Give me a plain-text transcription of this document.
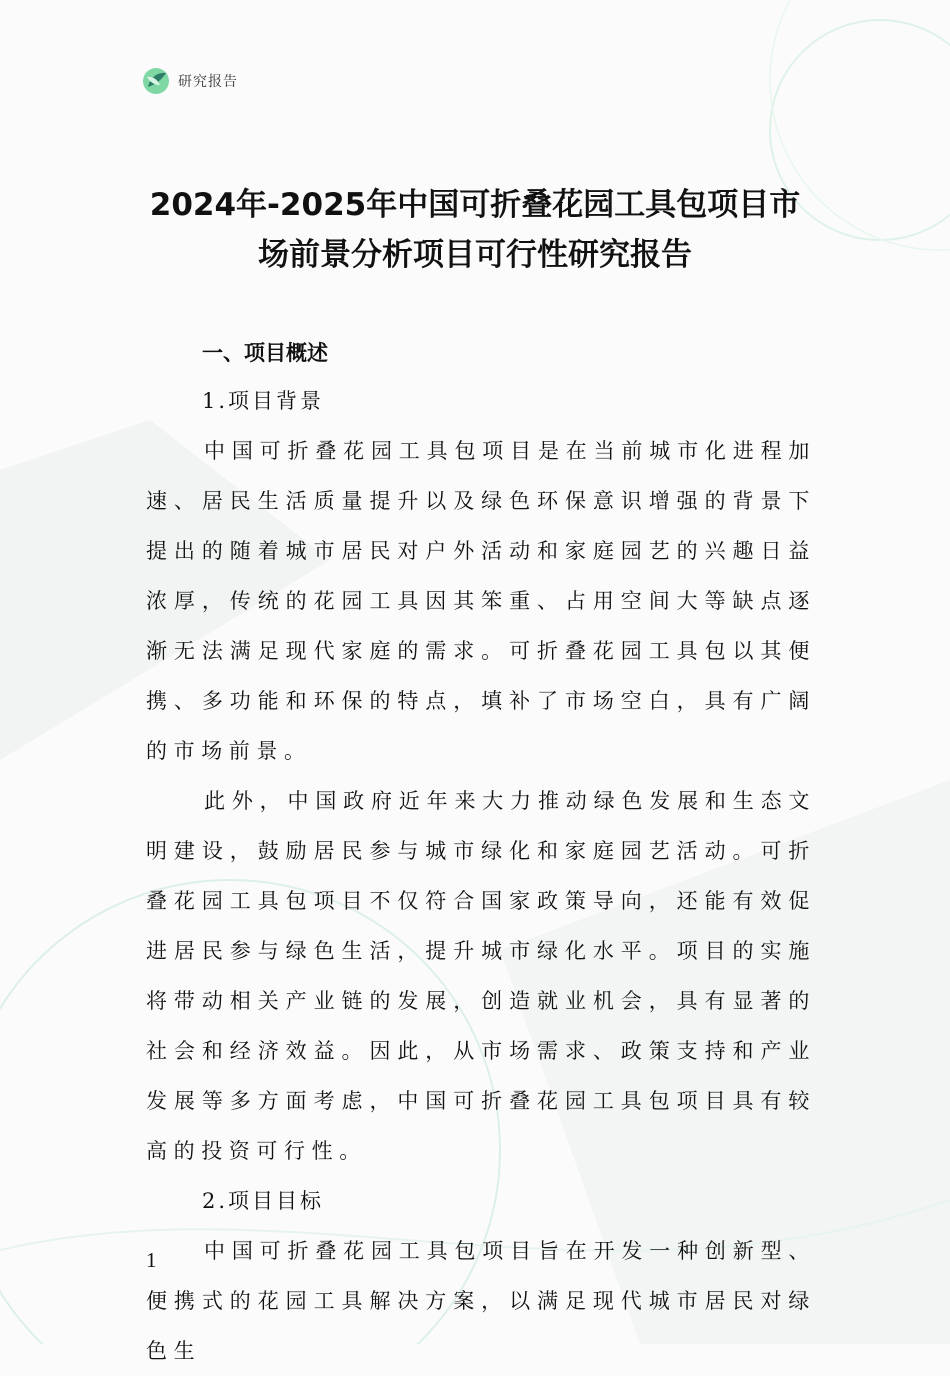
研究报告
2024年-2025年中国可折叠花园工具包项目市
场前景分析项目可行性研究报告

一、项目概述

1.项目背景

中国可折叠花园工具包项目是在当前城市化进程加速、居民生活质量提升以及绿色环保意识增强的背景下提出的随着城市居民对户外活动和家庭园艺的兴趣日益浓厚，传统的花园工具因其笨重、占用空间大等缺点逐渐无法满足现代家庭的需求。可折叠花园工具包以其便携、多功能和环保的特点，填补了市场空白，具有广阔的市场前景。

此外，中国政府近年来大力推动绿色发展和生态文明建设，鼓励居民参与城市绿化和家庭园艺活动。可折叠花园工具包项目不仅符合国家政策导向，还能有效促进居民参与绿色生活，提升城市绿化水平。项目的实施将带动相关产业链的发展，创造就业机会，具有显著的社会和经济效益。因此，从市场需求、政策支持和产业发展等多方面考虑，中国可折叠花园工具包项目具有较高的投资可行性。

2.项目目标

中国可折叠花园工具包项目旨在开发一种创新型、便携式的花园工具解决方案，以满足现代城市居民对绿色生

1
